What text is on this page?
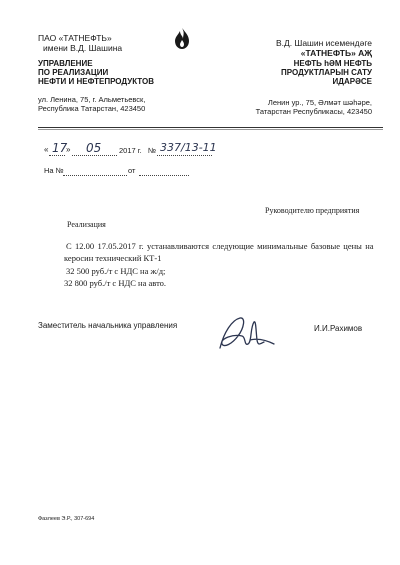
ПАО «ТАТНЕФТЬ»
имени В.Д. Шашина
УПРАВЛЕНИЕ
ПО РЕАЛИЗАЦИИ
НЕФТИ И НЕФТЕПРОДУКТОВ
ул. Ленина, 75, г. Альметьевск,
Республика Татарстан, 423450
В.Д. Шашин исемендәге
«ТАТНЕФТЬ» АҖ
НЕФТЬ һӘМ НЕФТЬ
ПРОДУКТЛАРЫН САТУ
ИДАРӘСЕ
Ленин ур., 75, Әлмәт шәһәре,
Татарстан Республикасы, 423450
« 17
» 05 2017 г. № 337/13-11
На №	от
Руководителю предприятия
Реализация
С 12.00 17.05.2017 г. устанавливаются следующие минимальные базовые цены на
керосин технический КТ-1
32 500 руб./т с НДС на ж/д;
32 800 руб./т с НДС на авто.
Заместитель начальника управления	И.И.Рахимов
Фазлеев Э.Р., 307-694
